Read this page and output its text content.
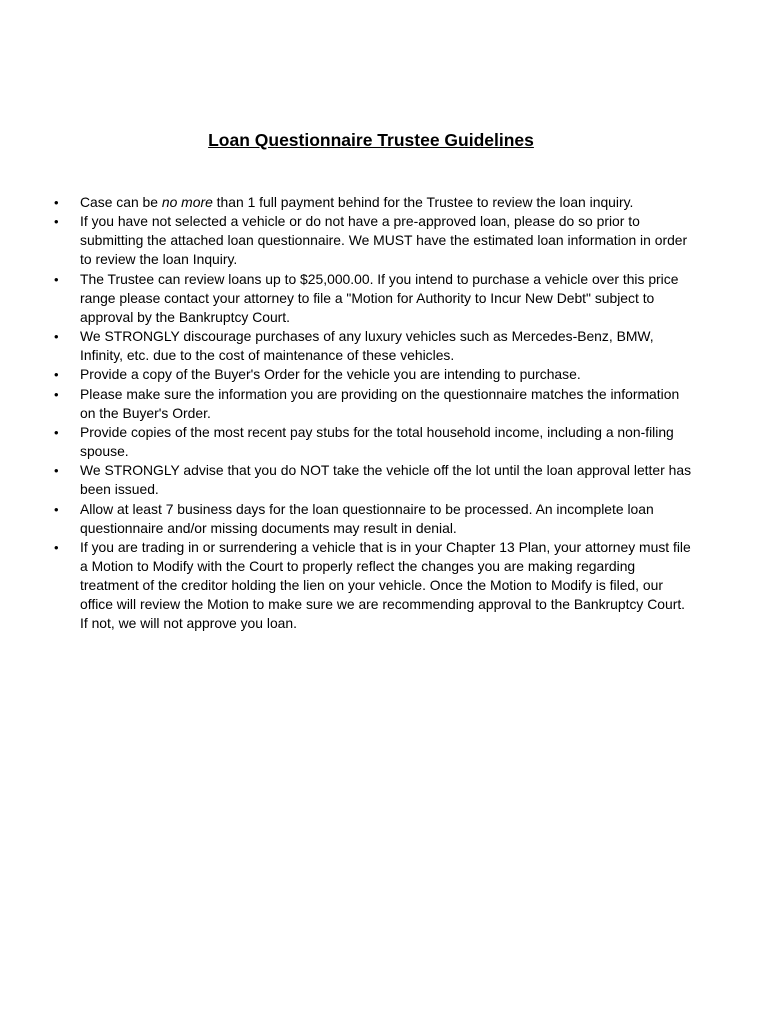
Loan Questionnaire Trustee Guidelines
• Case can be no more than 1 full payment behind for the Trustee to review the loan inquiry.
• If you have not selected a vehicle or do not have a pre-approved loan, please do so prior to submitting the attached loan questionnaire. We MUST have the estimated loan information in order to review the loan Inquiry.
• The Trustee can review loans up to $25,000.00. If you intend to purchase a vehicle over this price range please contact your attorney to file a "Motion for Authority to Incur New Debt" subject to approval by the Bankruptcy Court.
• We STRONGLY discourage purchases of any luxury vehicles such as Mercedes-Benz, BMW, Infinity, etc. due to the cost of maintenance of these vehicles.
• Provide a copy of the Buyer's Order for the vehicle you are intending to purchase.
• Please make sure the information you are providing on the questionnaire matches the information on the Buyer's Order.
• Provide copies of the most recent pay stubs for the total household income, including a non-filing spouse.
• We STRONGLY advise that you do NOT take the vehicle off the lot until the loan approval letter has been issued.
• Allow at least 7 business days for the loan questionnaire to be processed. An incomplete loan questionnaire and/or missing documents may result in denial.
• If you are trading in or surrendering a vehicle that is in your Chapter 13 Plan, your attorney must file a Motion to Modify with the Court to properly reflect the changes you are making regarding treatment of the creditor holding the lien on your vehicle. Once the Motion to Modify is filed, our office will review the Motion to make sure we are recommending approval to the Bankruptcy Court. If not, we will not approve you loan.
